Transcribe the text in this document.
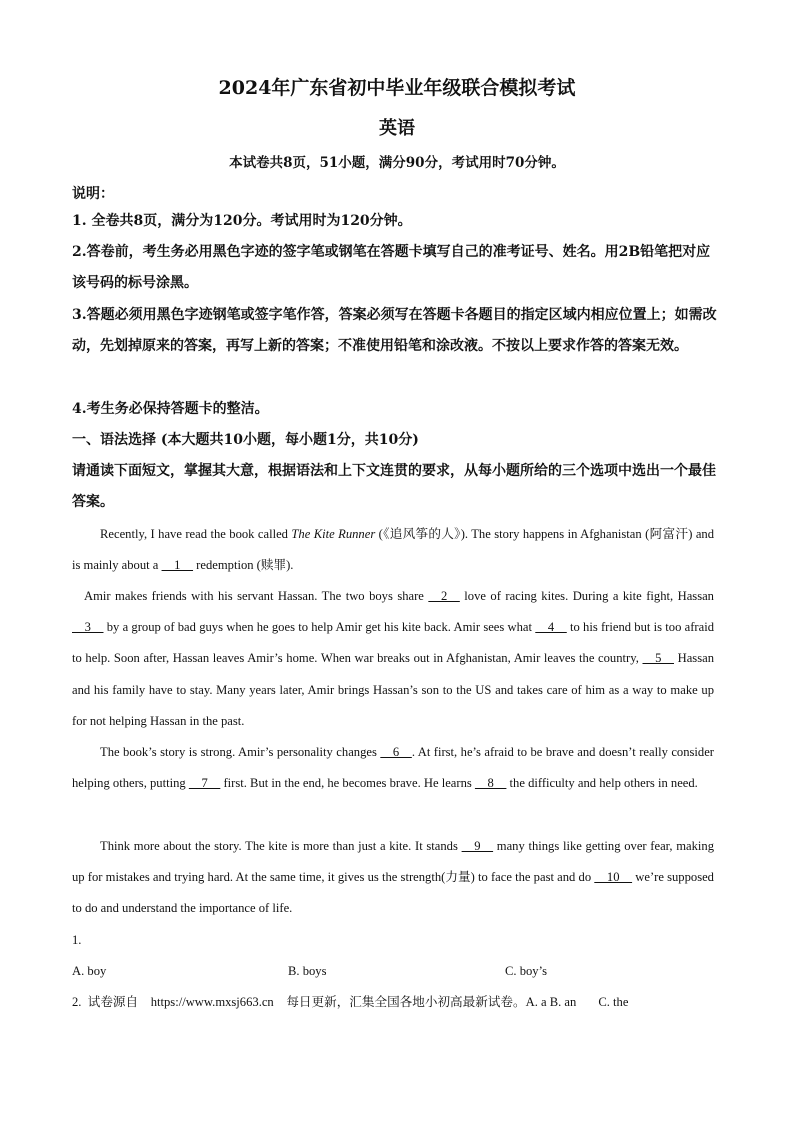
2024年广东省初中毕业年级联合模拟考试
英语
本试卷共8页，51小题，满分90分，考试用时70分钟。
说明：
1. 全卷共8页，满分为120分。考试用时为120分钟。
2.答卷前，考生务必用黑色字迹的签字笔或钢笔在答题卡填写自己的准考证号、姓名。用2B铅笔把对应该号码的标号涂黑。
3.答题必须用黑色字迹钢笔或签字笔作答，答案必须写在答题卡各题目的指定区域内相应位置上；如需改动，先划掉原来的答案，再写上新的答案；不准使用铅笔和涂改液。不按以上要求作答的答案无效。
4.考生务必保持答题卡的整洁。
一、语法选择 (本大题共10小题，每小题1分，共10分)
请通读下面短文，掌握其大意，根据语法和上下文连贯的要求，从每小题所给的三个选项中选出一个最佳答案。
Recently, I have read the book called The Kite Runner (《追风筝的人》). The story happens in Afghanistan (阿富汗) and is mainly about a     1     redemption (赎罪).
Amir makes friends with his servant Hassan. The two boys share     2     love of racing kites. During a kite fight, Hassan     3     by a group of bad guys when he goes to help Amir get his kite back. Amir sees what     4     to his friend but is too afraid to help. Soon after, Hassan leaves Amir’s home. When war breaks out in Afghanistan, Amir leaves the country,     5     Hassan and his family have to stay. Many years later, Amir brings Hassan’s son to the US and takes care of him as a way to make up for not helping Hassan in the past.
The book’s story is strong. Amir’s personality changes     6    . At first, he’s afraid to be brave and doesn’t really consider helping others, putting     7     first. But in the end, he becomes brave. He learns     8     the difficulty and help others in need.
Think more about the story. The kite is more than just a kite. It stands     9     many things like getting over fear, making up for mistakes and trying hard. At the same time, it gives us the strength(力量) to face the past and do     10     we’re supposed to do and understand the importance of life.
1.
A. boy	B. boys	C. boy’s
2.  试卷源自    https://www.mxsj663.cn    每日更新，汇集全国各地小初高最新试卷。A. a B. an       C. the
